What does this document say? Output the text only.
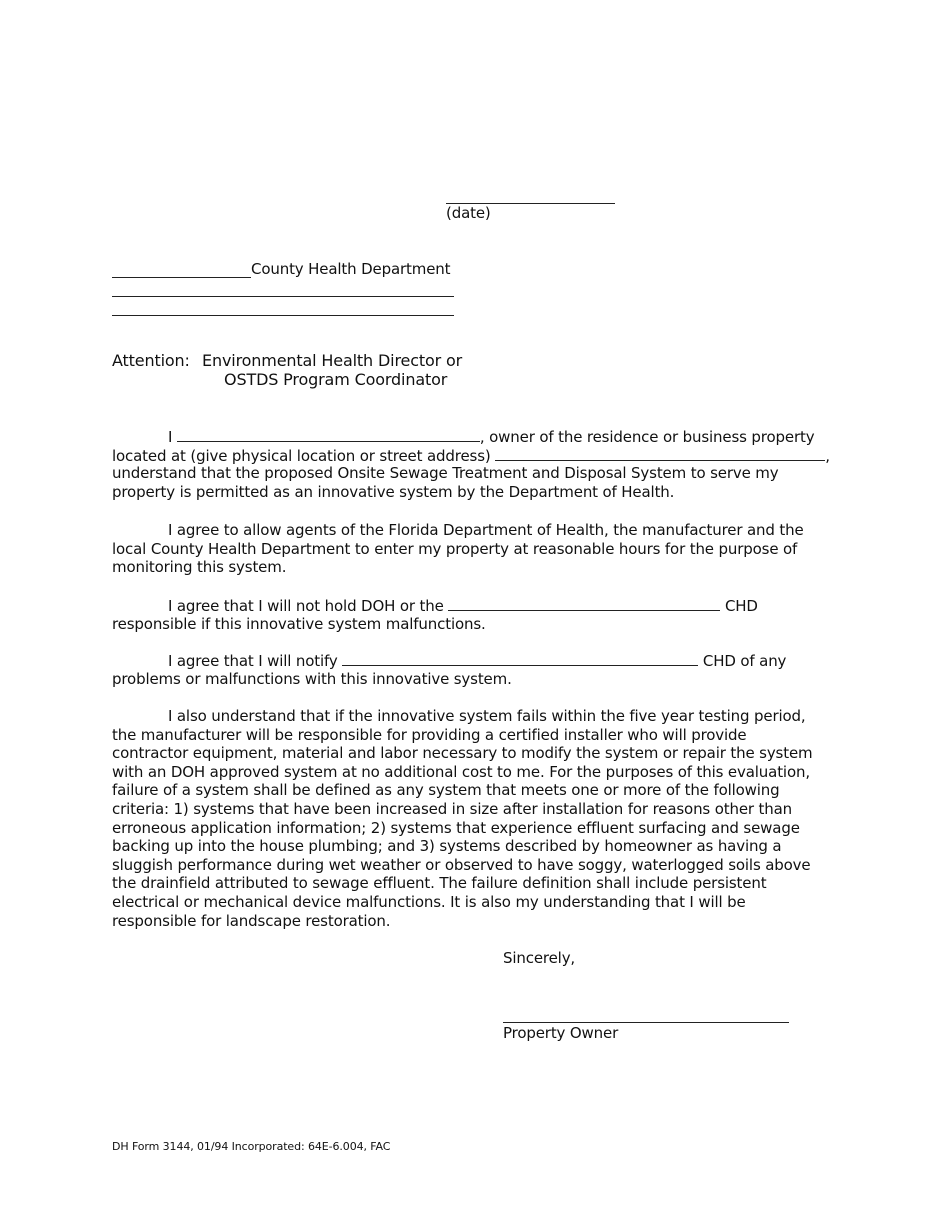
(date)
County Health Department
Attention: Environmental Health Director or
OSTDS Program Coordinator
I	, owner of the residence or business property
located at (give physical location or street address)	,
understand that the proposed Onsite Sewage Treatment and Disposal System to serve my
property is permitted as an innovative system by the Department of Health.
I agree to allow agents of the Florida Department of Health, the manufacturer and the
local County Health Department to enter my property at reasonable hours for the purpose of
monitoring this system.
I agree that I will not hold DOH or the	CHD
responsible if this innovative system malfunctions.
I agree that I will notify	CHD of any
problems or malfunctions with this innovative system.
I also understand that if the innovative system fails within the five year testing period,
the manufacturer will be responsible for providing a certified installer who will provide
contractor equipment, material and labor necessary to modify the system or repair the system
with an DOH approved system at no additional cost to me. For the purposes of this evaluation,
failure of a system shall be defined as any system that meets one or more of the following
criteria: 1) systems that have been increased in size after installation for reasons other than
erroneous application information; 2) systems that experience effluent surfacing and sewage
backing up into the house plumbing; and 3) systems described by homeowner as having a
sluggish performance during wet weather or observed to have soggy, waterlogged soils above
the drainfield attributed to sewage effluent. The failure definition shall include persistent
electrical or mechanical device malfunctions. It is also my understanding that I will be
responsible for landscape restoration.
Sincerely,
Property Owner
DH Form 3144, 01/94 Incorporated: 64E-6.004, FAC
